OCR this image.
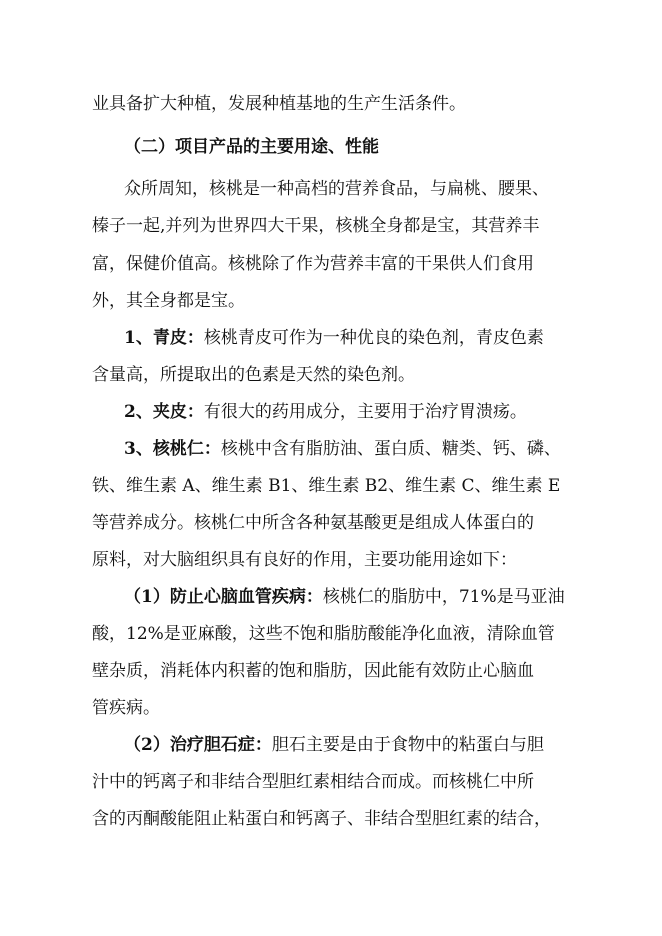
业具备扩大种植，发展种植基地的生产生活条件。
（二）项目产品的主要用途、性能
众所周知，核桃是一种高档的营养食品，与扁桃、腰果、
榛子一起,并列为世界四大干果，核桃全身都是宝，其营养丰
富，保健价值高。核桃除了作为营养丰富的干果供人们食用
外，其全身都是宝。
1、青皮：核桃青皮可作为一种优良的染色剂，青皮色素
含量高，所提取出的色素是天然的染色剂。
2、夹皮：有很大的药用成分，主要用于治疗胃溃疡。
3、核桃仁：核桃中含有脂肪油、蛋白质、糖类、钙、磷、
铁、维生素 A、维生素 B1、维生素 B2、维生素 C、维生素 E
等营养成分。核桃仁中所含各种氨基酸更是组成人体蛋白的
原料，对大脑组织具有良好的作用，主要功能用途如下：
（1）防止心脑血管疾病：核桃仁的脂肪中，71%是马亚油
酸，12%是亚麻酸，这些不饱和脂肪酸能净化血液，清除血管
壁杂质，消耗体内积蓄的饱和脂肪，因此能有效防止心脑血
管疾病。
（2）治疗胆石症：胆石主要是由于食物中的粘蛋白与胆
汁中的钙离子和非结合型胆红素相结合而成。而核桃仁中所
含的丙酮酸能阻止粘蛋白和钙离子、非结合型胆红素的结合，
